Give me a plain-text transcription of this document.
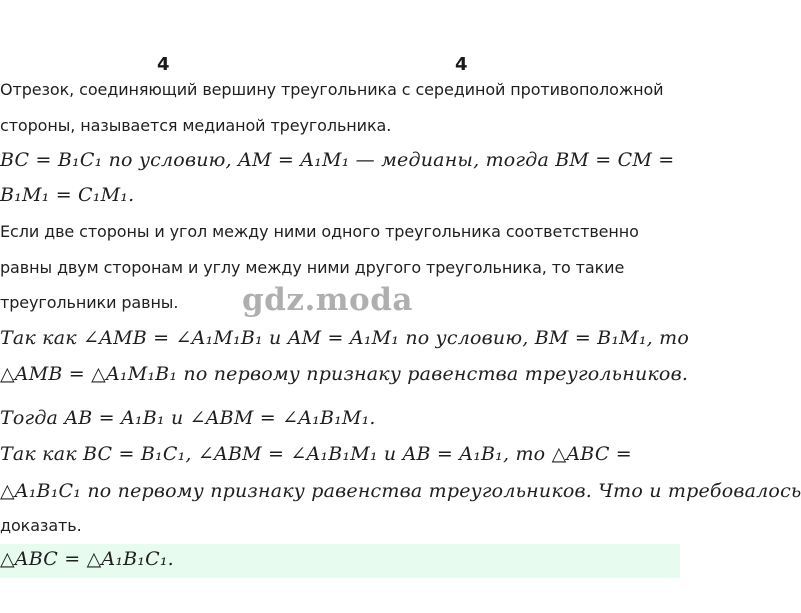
4	4
Отрезок, соединяющий вершину треугольника с серединой противоположной
стороны, называется медианой треугольника.
BC = B₁C₁ по условию, AM = A₁M₁ — медианы, тогда BM = CM =
B₁M₁ = C₁M₁.
Если две стороны и угол между ними одного треугольника соответственно
равны двум сторонам и углу между ними другого треугольника, то такие
треугольники равны.
Так как ∠AMB = ∠A₁M₁B₁ и AM = A₁M₁ по условию, BM = B₁M₁, то
△AMB = △A₁M₁B₁ по первому признаку равенства треугольников.
Тогда AB = A₁B₁ и ∠ABM = ∠A₁B₁M₁.
Так как BC = B₁C₁, ∠ABM = ∠A₁B₁M₁ и AB = A₁B₁, то △ABC =
△A₁B₁C₁ по первому признаку равенства треугольников. Что и требовалось
доказать.
gdz.moda
△ABC = △A₁B₁C₁.
